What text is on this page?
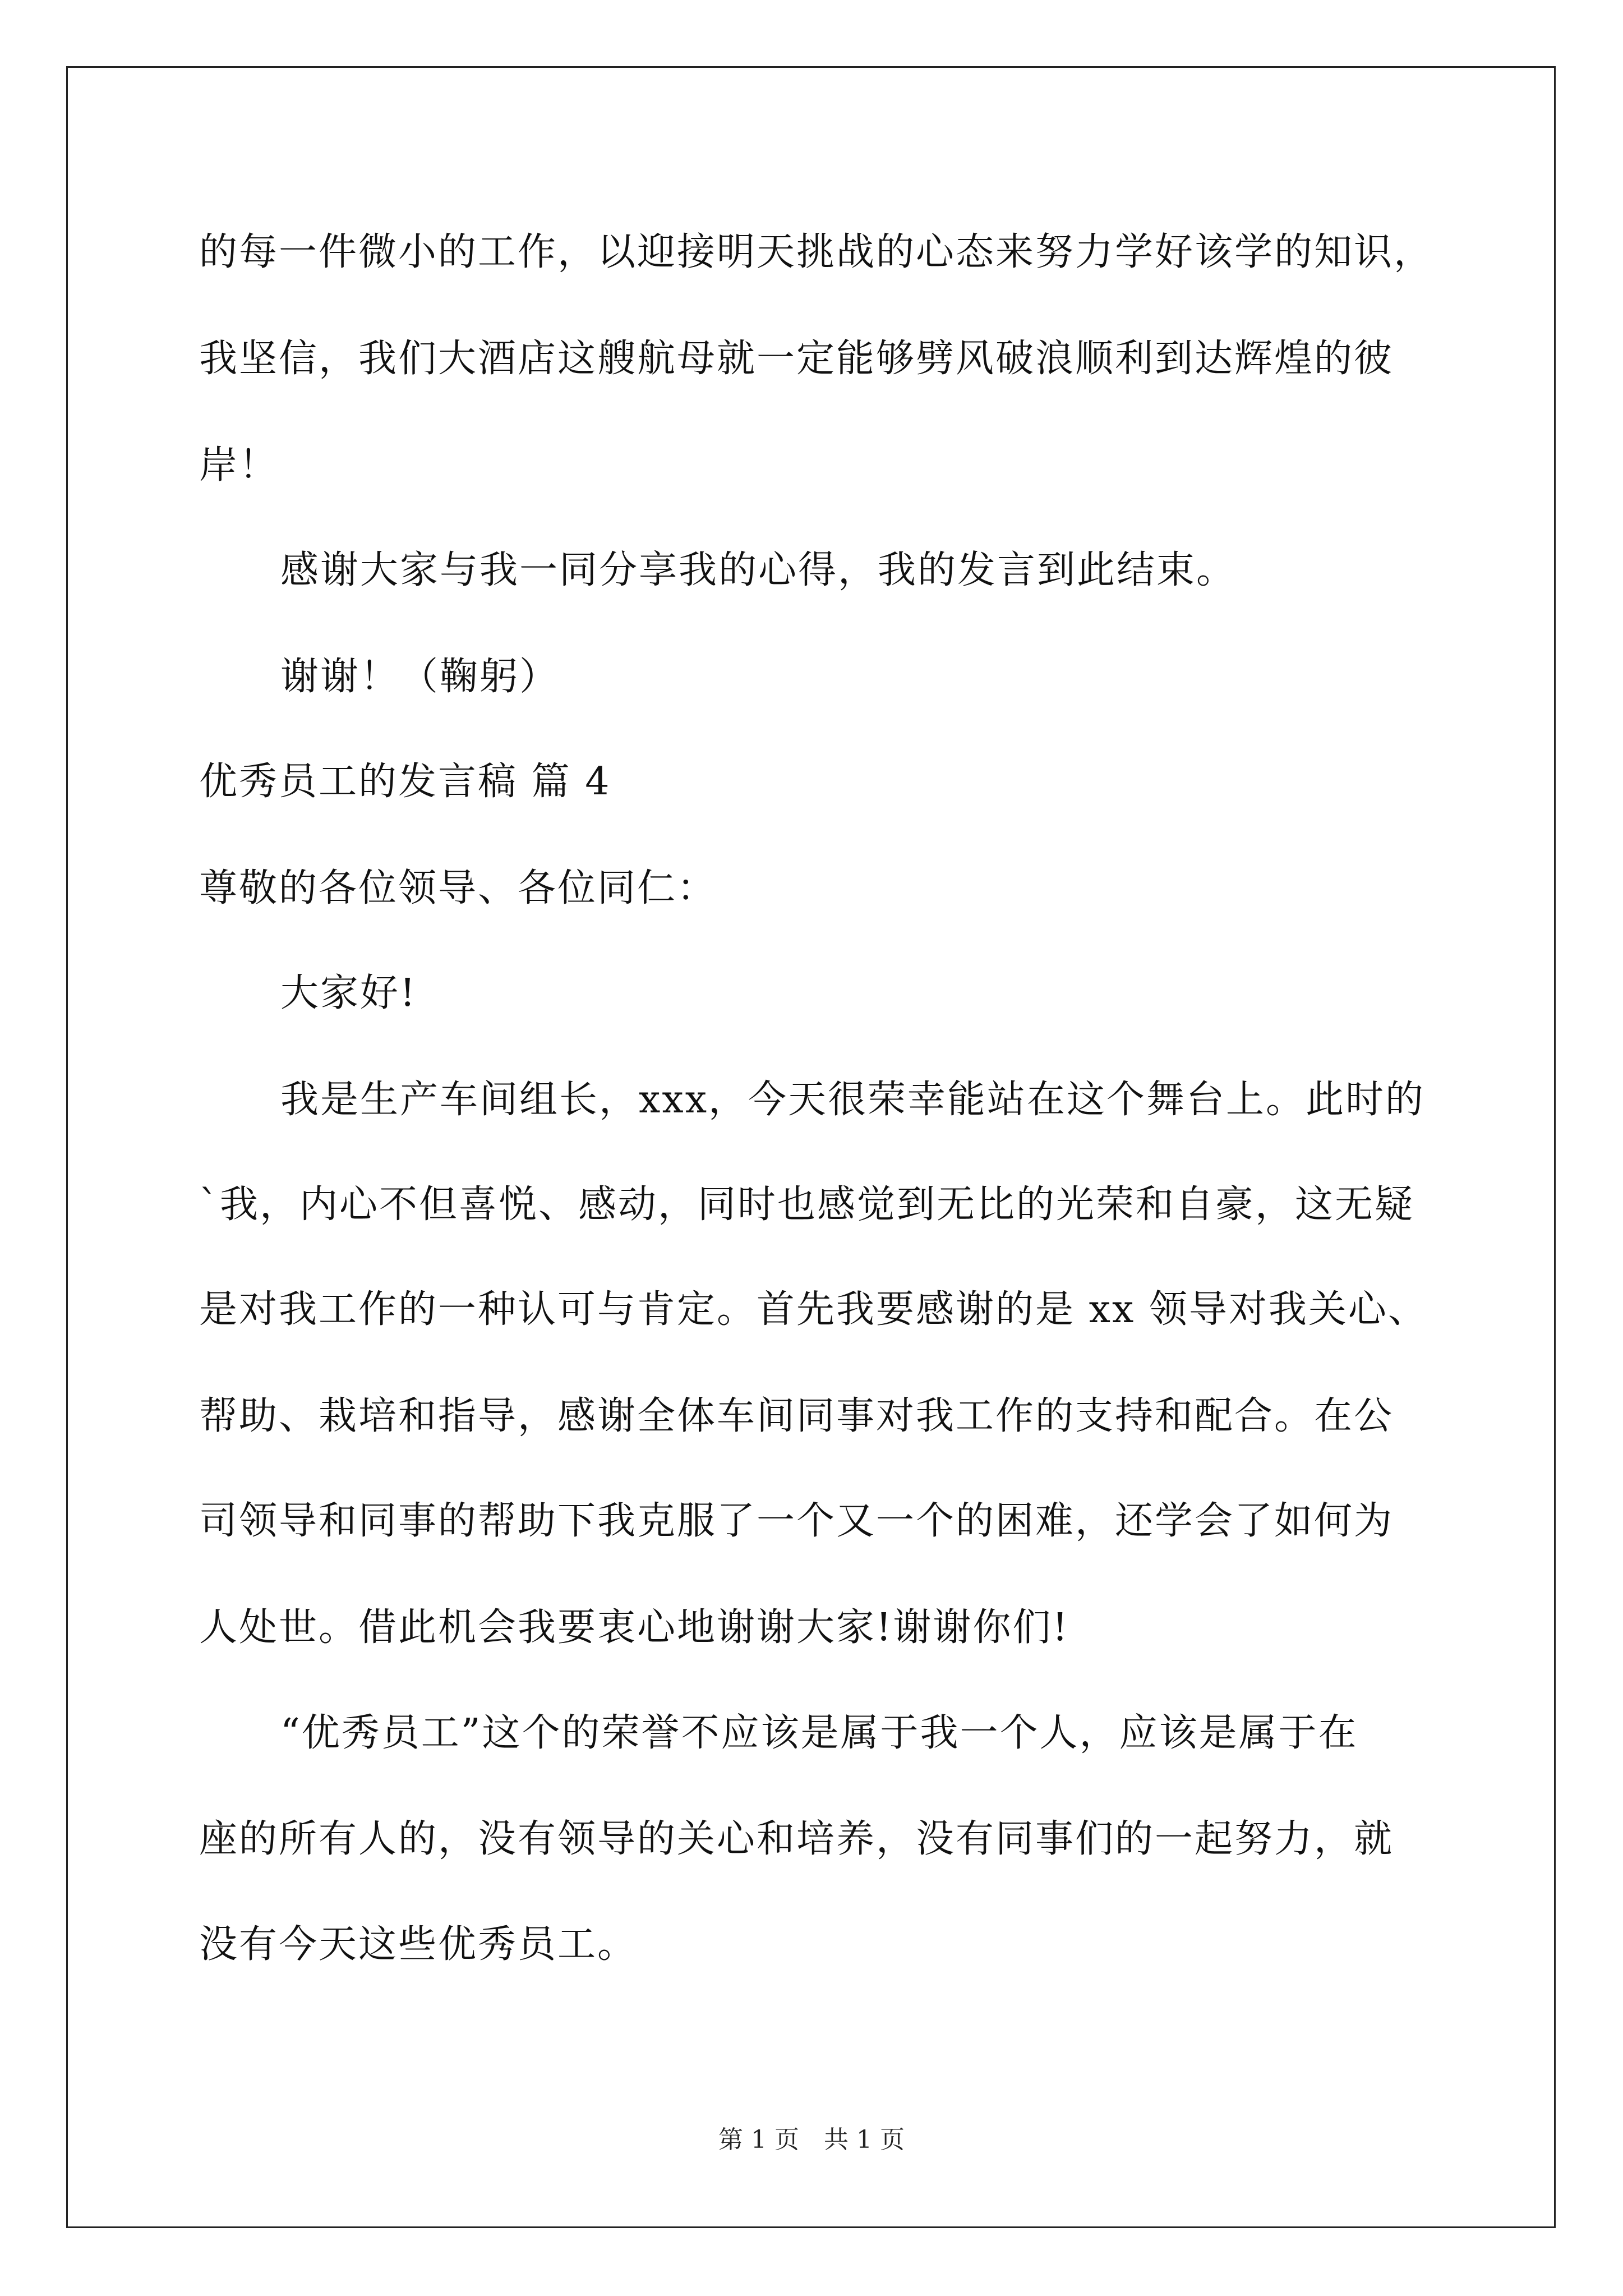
的每一件微小的工作，以迎接明天挑战的心态来努力学好该学的知识，

我坚信，我们大酒店这艘航母就一定能够劈风破浪顺利到达辉煌的彼

岸！

感谢大家与我一同分享我的心得，我的发言到此结束。

谢谢！（鞠躬）

优秀员工的发言稿 篇 4

尊敬的各位领导、各位同仁：

大家好!

我是生产车间组长，xxx，今天很荣幸能站在这个舞台上。此时的

`我，内心不但喜悦、感动，同时也感觉到无比的光荣和自豪，这无疑

是对我工作的一种认可与肯定。首先我要感谢的是 xx 领导对我关心、

帮助、栽培和指导，感谢全体车间同事对我工作的支持和配合。在公

司领导和同事的帮助下我克服了一个又一个的困难，还学会了如何为

人处世。借此机会我要衷心地谢谢大家!谢谢你们!

“优秀员工”这个的荣誉不应该是属于我一个人，应该是属于在

座的所有人的，没有领导的关心和培养，没有同事们的一起努力，就

没有今天这些优秀员工。

第 1 页　共 1 页
